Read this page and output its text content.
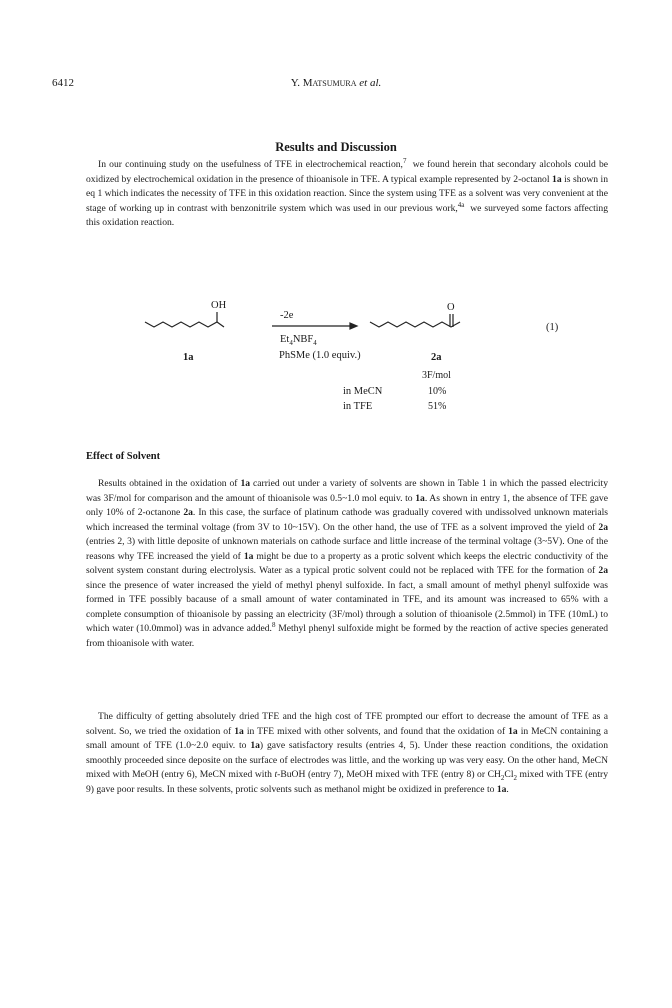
6412	Y. Matsumura et al.
Results and Discussion

In our continuing study on the usefulness of TFE in electrochemical reaction,$^7$ we found herein that secondary alcohols could be oxidized by electrochemical oxidation in the presence of thioanisole in TFE. A typical example represented by 2-octanol 1a is shown in eq 1 which indicates the necessity of TFE in this oxidation reaction. Since the system using TFE as a solvent was very convenient at the stage of working up in contrast with benzonitrile system which was used in our previous work,$^{4a}$ we surveyed some factors affecting this oxidation reaction.

OH	O
-2e
$Et_4NBF_4$
PhSMe (1.0 equiv.)
1a	2a
(1)
3F/mol
in MeCN	10%
in TFE	51%
Effect of Solvent

Results obtained in the oxidation of 1a carried out under a variety of solvents are shown in Table 1 in which the passed electricity was 3F/mol for comparison and the amount of thioanisole was 0.5~1.0 mol equiv. to 1a. As shown in entry 1, the absence of TFE gave only 10% of 2-octanone 2a. In this case, the surface of platinum cathode was gradually covered with undissolved unknown materials which increased the terminal voltage (from 3V to 10~15V). On the other hand, the use of TFE as a solvent improved the yield of 2a (entries 2, 3) with little deposite of unknown materials on cathode surface and little increase of the terminal voltage (3~5V). One of the reasons why TFE increased the yield of 1a might be due to a property as a protic solvent which keeps the electric conductivity of the solvent system constant during electrolysis. Water as a typical protic solvent could not be replaced with TFE for the formation of 2a since the presence of water increased the yield of methyl phenyl sulfoxide. In fact, a small amount of methyl phenyl sulfoxide was formed in TFE possibly bacause of a small amount of water contaminated in TFE, and its amount was increased to 65% with a complete consumption of thioanisole by passing an electricity (3F/mol) through a solution of thioanisole (2.5mmol) in TFE (10mL) to which water (10.0mmol) was in advance added.$^8$ Methyl phenyl sulfoxide might be formed by the reaction of active species generated from thioanisole with water.

The difficulty of getting absolutely dried TFE and the high cost of TFE prompted our effort to decrease the amount of TFE as a solvent. So, we tried the oxidation of 1a in TFE mixed with other solvents, and found that the oxidation of 1a in MeCN containing a small amount of TFE (1.0~2.0 equiv. to 1a) gave satisfactory results (entries 4, 5). Under these reaction conditions, the oxidation smoothly proceeded since deposite on the surface of electrodes was little, and the working up was very easy. On the other hand, MeCN mixed with MeOH (entry 6), MeCN mixed with t-BuOH (entry 7), MeOH mixed with TFE (entry 8) or $CH_2Cl_2$ mixed with TFE (entry 9) gave poor results. In these solvents, protic solvents such as methanol might be oxidized in preference to 1a.
